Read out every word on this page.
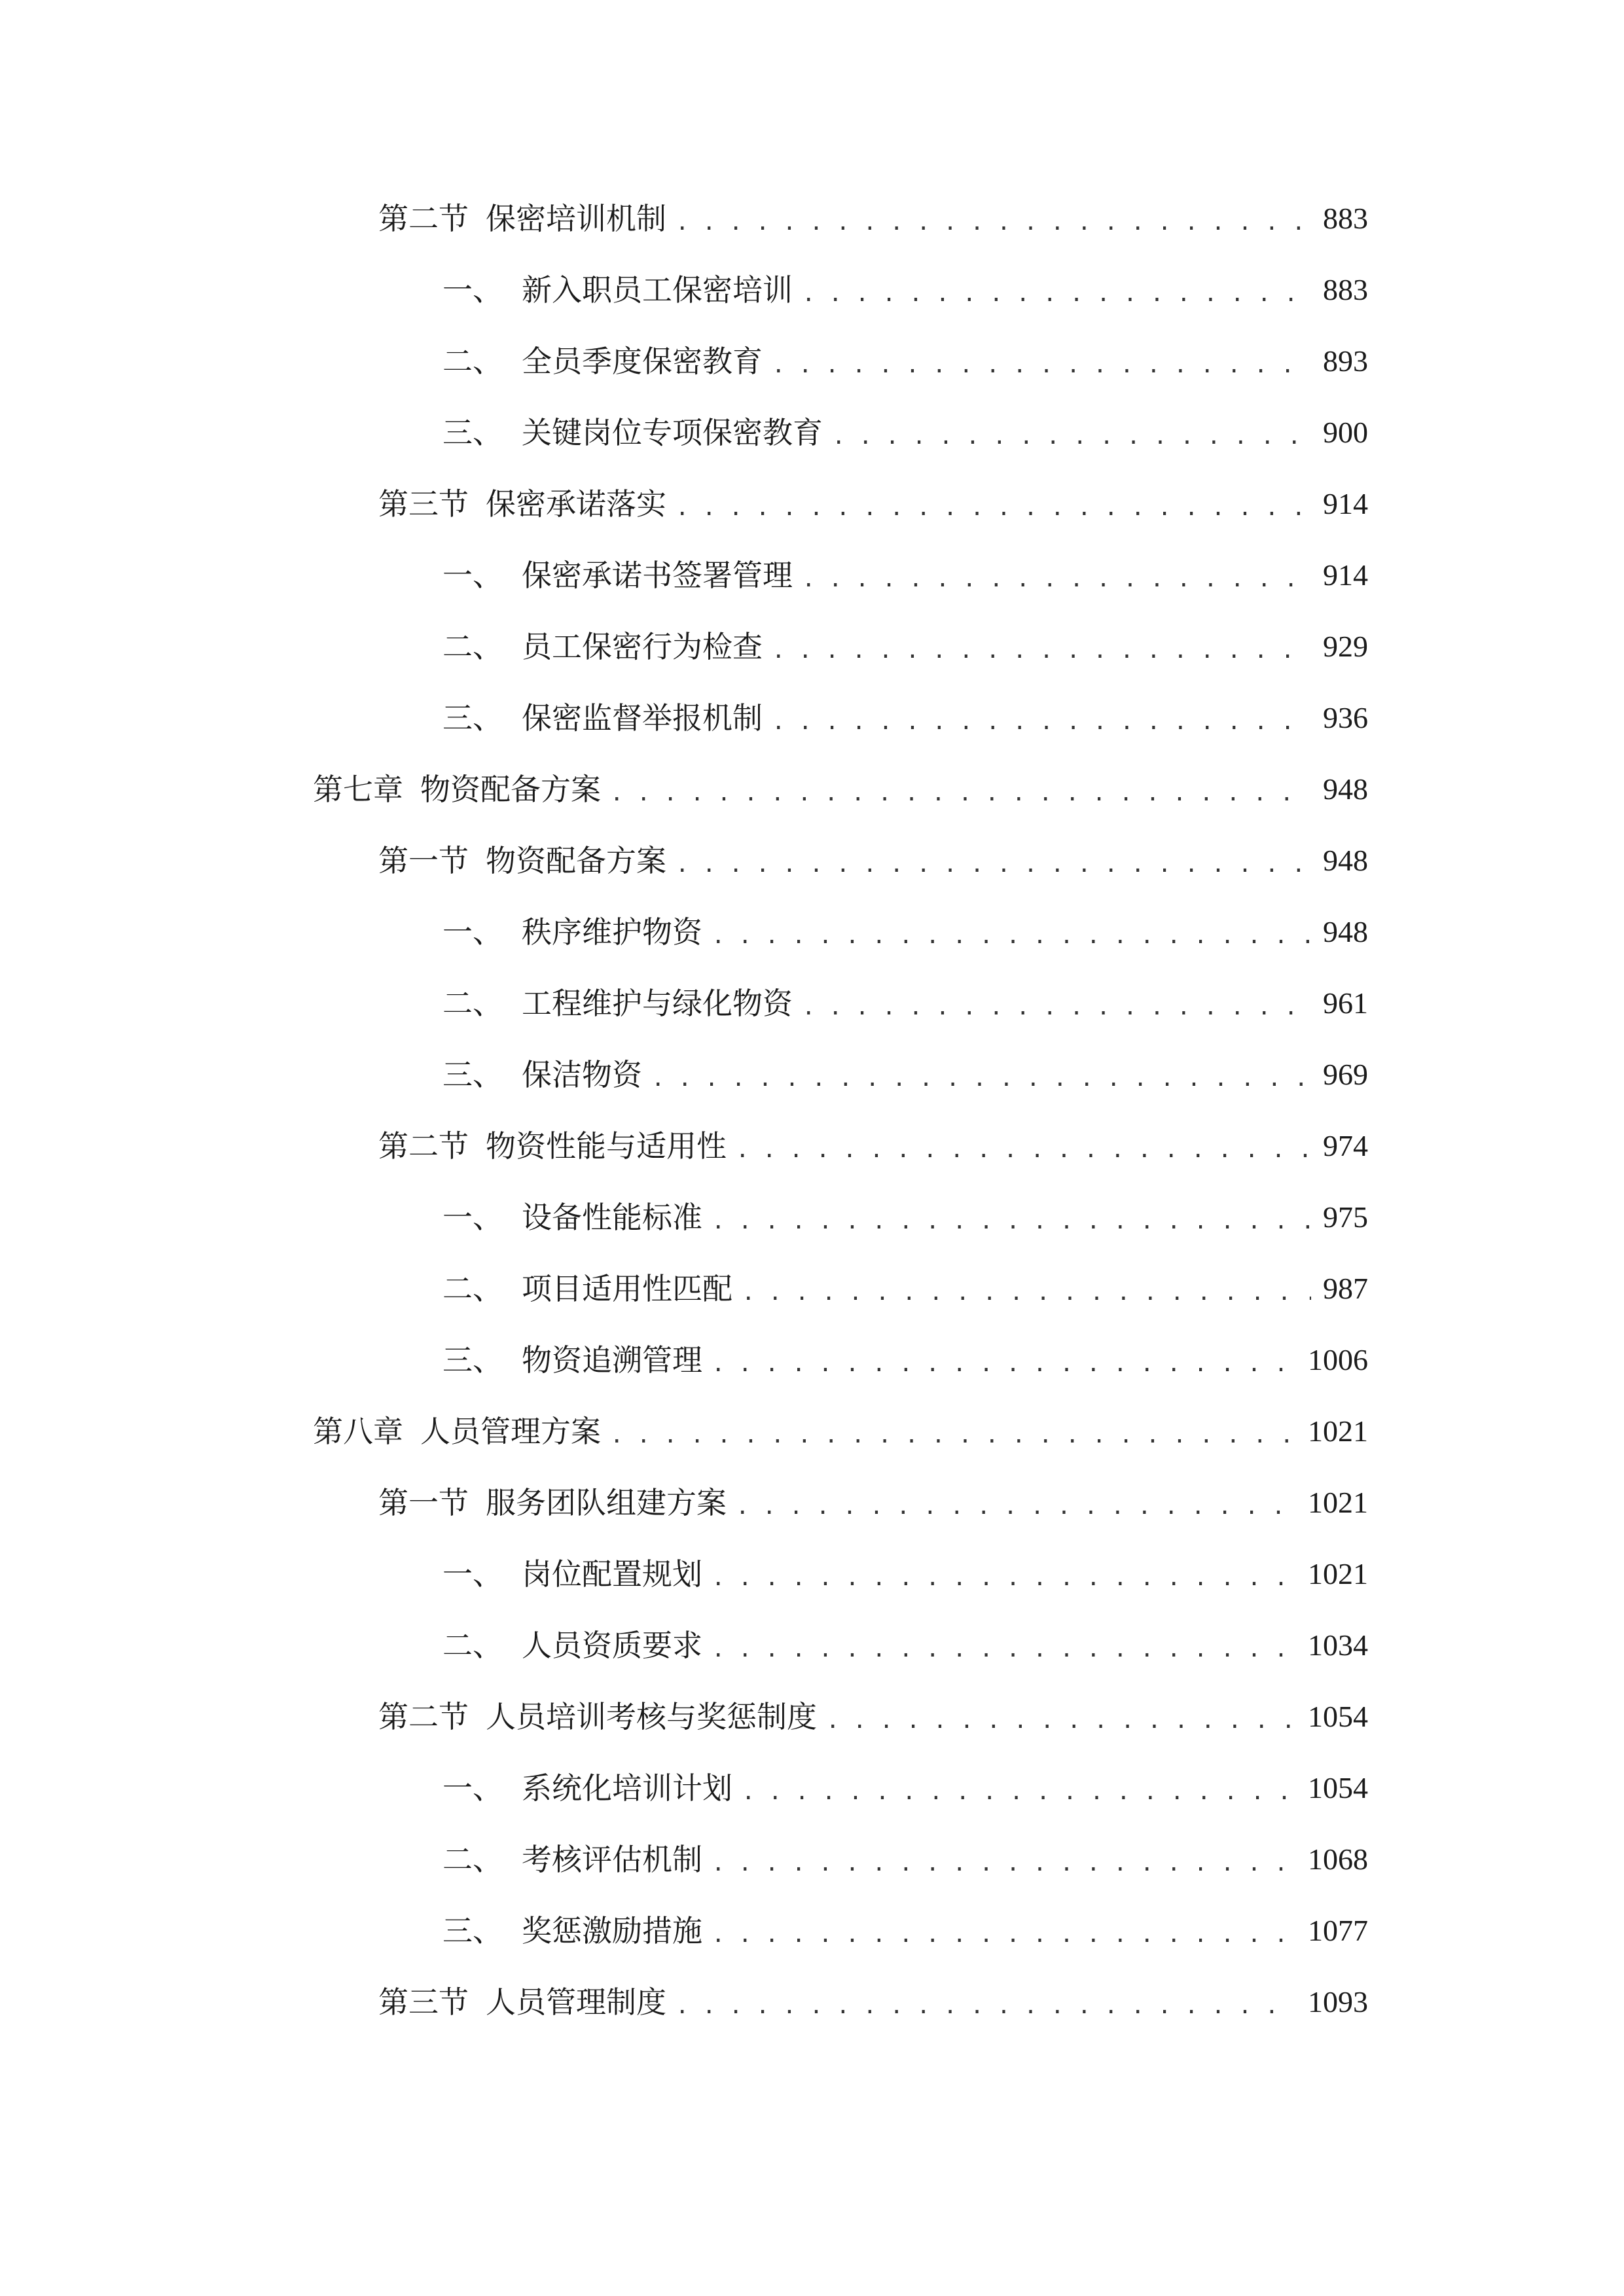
第二节 保密培训机制 . . .	883
一、 新入职员工保密培训 . . .	883
二、 全员季度保密教育 . . .	893
三、 关键岗位专项保密教育 . . .	900
第三节 保密承诺落实 . . .	914
一、 保密承诺书签署管理 . . .	914
二、 员工保密行为检查 . . .	929
三、 保密监督举报机制 . . .	936
第七章 物资配备方案 . . .	948
第一节 物资配备方案 . . .	948
一、 秩序维护物资 . . .	948
二、 工程维护与绿化物资 . . .	961
三、 保洁物资 . . .	969
第二节 物资性能与适用性 . . .	974
一、 设备性能标准 . . .	975
二、 项目适用性匹配 . . .	987
三、 物资追溯管理 . . .	1006
第八章 人员管理方案 . . .	1021
第一节 服务团队组建方案 . . .	1021
一、 岗位配置规划 . . .	1021
二、 人员资质要求 . . .	1034
第二节 人员培训考核与奖惩制度 . . .	1054
一、 系统化培训计划 . . .	1054
二、 考核评估机制 . . .	1068
三、 奖惩激励措施 . . .	1077
第三节 人员管理制度 . . .	1093
